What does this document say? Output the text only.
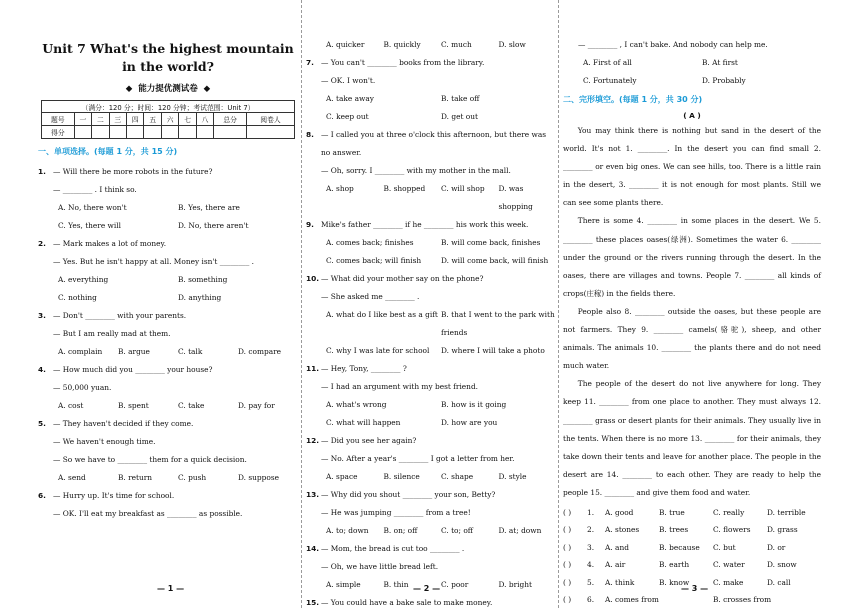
Unit 7 What's the highest mountain in the world?
◆ 能力提优测试卷 ◆
（满分：120 分；时间：120 分钟；考试范围：Unit 7）										
题号	一	二	三	四	五	六	七	八	总分	阅卷人
得分										
一、单项选择。(每题 1 分，共 15 分)
1. — Will there be more robots in the future?
— ________ . I think so.
A. No, there won't	B. Yes, there are
C. Yes, there will	D. No, there aren't
2. — Mark makes a lot of money.
— Yes. But he isn't happy at all. Money isn't ________ .
A. everything	B. something
C. nothing	D. anything
3. — Don't ________ with your parents.
— But I am really mad at them.
A. complain	B. argue	C. talk	D. compare
4. — How much did you ________ your house?
— 50,000 yuan.
A. cost	B. spent	C. take	D. pay for
5. — They haven't decided if they come.
— We haven't enough time.
— So we have to ________ them for a quick decision.
A. send	B. return	C. push	D. suppose
6. — Hurry up. It's time for school.
— OK. I'll eat my breakfast as ________ as possible.
A. quicker	B. quickly	C. much	D. slow
7. — You can't ________ books from the library.
— OK. I won't.
A. take away	B. take off
C. keep out	D. get out
8. — I called you at three o'clock this afternoon, but there was no answer.
— Oh, sorry. I ________ with my mother in the mall.
A. shop	B. shopped	C. will shop	D. was shopping
9. Mike's father ________ if he ________ his work this week.
A. comes back; finishes	B. will come back, finishes
C. comes back; will finish	D. will come back, will finish
10. — What did your mother say on the phone?
— She asked me ________ .
A. what do I like best as a gift B. that I went to the park with friends
C. why I was late for school	D. where I will take a photo
11. — Hey, Tony, ________ ?
— I had an argument with my best friend.
A. what's wrong	B. how is it going
C. what will happen	D. how are you
12. — Did you see her again?
— No. After a year's ________ I got a letter from her.
A. space	B. silence	C. shape	D. style
13. — Why did you shout ________ your son, Betty?
— He was jumping ________ from a tree!
A. to; down	B. on; off	C. to; off	D. at; down
14. — Mom, the bread is cut too ________ .
— Oh, we have little bread left.
A. simple	B. thin	C. poor	D. bright
15. — You could have a bake sale to make money.
— ________ , I can't bake. And nobody can help me.
A. First of all	B. At first
C. Fortunately	D. Probably
二、完形填空。(每题 1 分，共 30 分)
( A )

You may think there is nothing but sand in the desert of the world. It's not 1. ________. In the desert you can find small 2. ________ or even big ones. We can see hills, too. There is a little rain in the desert, 3. ________ it is not enough for most plants. Still we can see some plants there.

There is some 4. ________ in some places in the desert. We 5. ________ these places oases(绿洲). Sometimes the water 6. ________ under the ground or the rivers running through the desert. In the oases, there are villages and towns. People 7. ________ all kinds of crops(庄稼) in the fields there.

People also 8. ________ outside the oases, but these people are not farmers. They 9. ________ camels(骆驼), sheep, and other animals. The animals 10. ________ the plants there and do not need much water.

The people of the desert do not live anywhere for long. They keep 11. ________ from one place to another. They must always 12. ________ grass or desert plants for their animals. They usually live in the tents. When there is no more 13. ________ for their animals, they take down their tents and leave for another place. The people in the desert are 14. ________ to each other. They are ready to help the people 15. ________ and give them food and water.

( )	1.	A. good	B. true	C. really	D. terrible
( )	2.	A. stones	B. trees	C. flowers	D. grass
( )	3.	A. and	B. because	C. but	D. or
( )	4.	A. air	B. earth	C. water	D. snow
( )	5.	A. think	B. know	C. make	D. call
( )	6.	A. comes from	B. crosses from
— 1 —	— 2 —	— 3 —
